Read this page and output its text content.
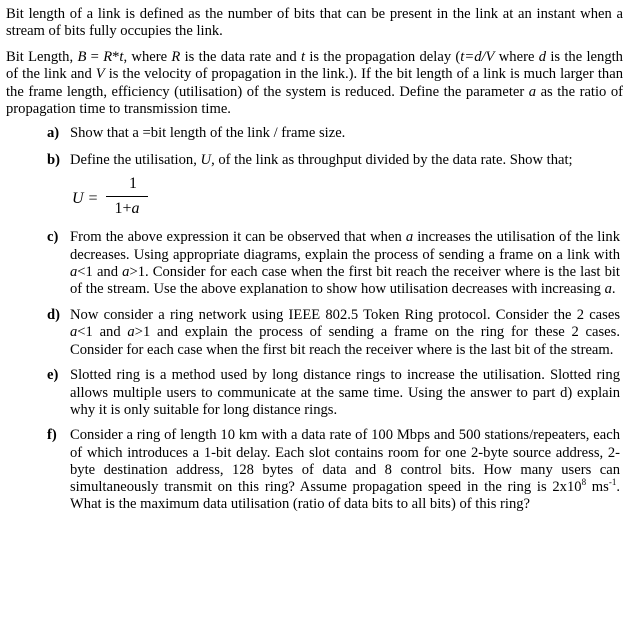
Bit length of a link is defined as the number of bits that can be present in the link at an instant when a stream of bits fully occupies the link.

Bit Length, B = R*t, where R is the data rate and t is the propagation delay (t=d/V where d is the length of the link and V is the velocity of propagation in the link.). If the bit length of a link is much larger than the frame length, efficiency (utilisation) of the system is reduced. Define the parameter a as the ratio of propagation time to transmission time.

a) Show that a =bit length of the link / frame size.
b) Define the utilisation, U, of the link as throughput divided by the data rate. Show that;
U =
1
1+a
c) From the above expression it can be observed that when a increases the utilisation of the link decreases. Using appropriate diagrams, explain the process of sending a frame on a link with a<1 and a>1. Consider for each case when the first bit reach the receiver where is the last bit of the stream. Use the above explanation to show how utilisation decreases with increasing a.
d) Now consider a ring network using IEEE 802.5 Token Ring protocol. Consider the 2 cases a<1 and a>1 and explain the process of sending a frame on the ring for these 2 cases. Consider for each case when the first bit reach the receiver where is the last bit of the stream.
e) Slotted ring is a method used by long distance rings to increase the utilisation. Slotted ring allows multiple users to communicate at the same time. Using the answer to part d) explain why it is only suitable for long distance rings.
f) Consider a ring of length 10 km with a data rate of 100 Mbps and 500 stations/repeaters, each of which introduces a 1-bit delay. Each slot contains room for one 2-byte source address, 2-byte destination address, 128 bytes of data and 8 control bits. How many users can simultaneously transmit on this ring? Assume propagation speed in the ring is $2x10^8$ $ms^{-1}$. What is the maximum data utilisation (ratio of data bits to all bits) of this ring?
